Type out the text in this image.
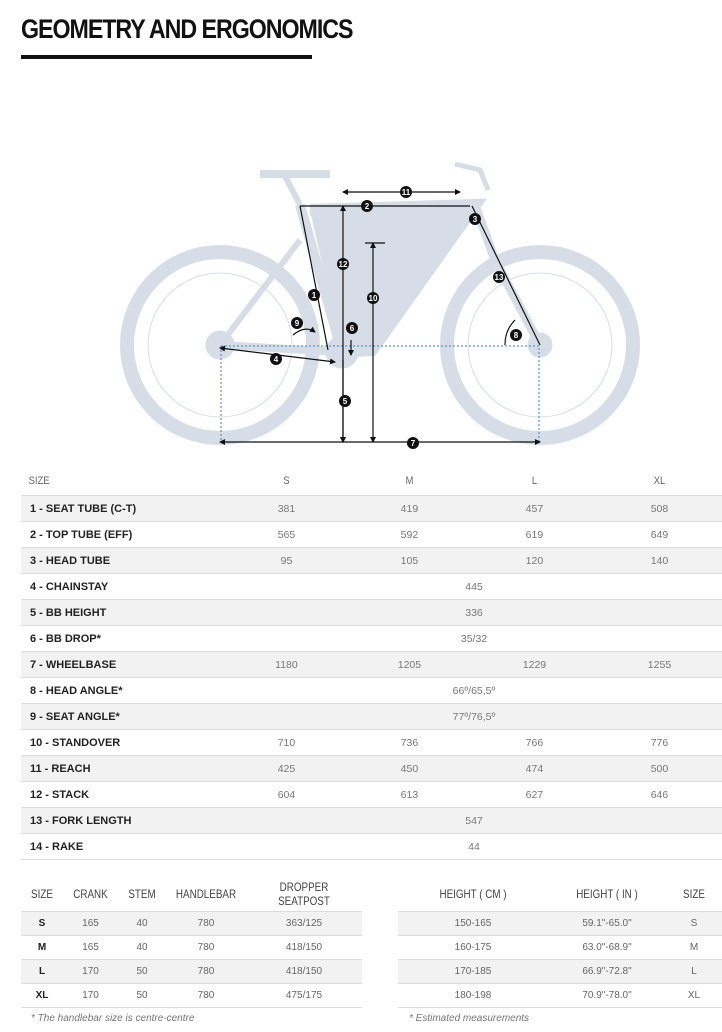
GEOMETRY AND ERGONOMICS
11
2
3
12
10
13
1
9
6
8
4
5
7
SIZE	S	M	L	XL
1 - SEAT TUBE (C-T)	381	419	457	508
2 - TOP TUBE (EFF)	565	592	619	649
3 - HEAD TUBE	95	105	120	140
4 - CHAINSTAY	445			
5 - BB HEIGHT	336			
6 - BB DROP*	35/32			
7 - WHEELBASE	1180	1205	1229	1255
8 - HEAD ANGLE*	66º/65,5º			
9 - SEAT ANGLE*	77º/76,5º			
10 - STANDOVER	710	736	766	776
11 - REACH	425	450	474	500
12 - STACK	604	613	627	646
13 - FORK LENGTH	547			
14 - RAKE	44			
SIZE	CRANK	STEM	HANDLEBAR	DROPPER SEATPOST
S	165	40	780	363/125
M	165	40	780	418/150
L	170	50	780	418/150
XL	170	50	780	475/175
* The handlebar size is centre-centre
HEIGHT ( CM )	HEIGHT ( IN )	SIZE
150-165	59.1"-65.0"	S
160-175	63.0"-68.9"	M
170-185	66.9"-72.8"	L
180-198	70.9"-78.0"	XL
* Estimated measurements
